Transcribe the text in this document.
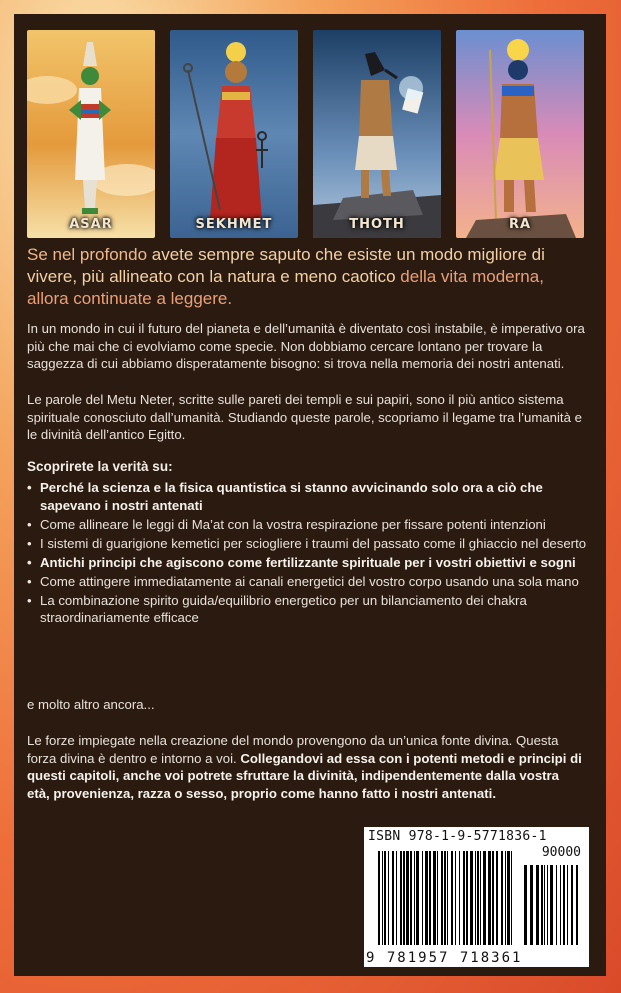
ASAR	SEKHMET	THOTH	RA
Se nel profondo avete sempre saputo che esiste un modo migliore di vivere, più allineato con la natura e meno caotico della vita moderna, allora continuate a leggere.
In un mondo in cui il futuro del pianeta e dell’umanità è diventato così instabile, è imperativo ora più che mai che ci evolviamo come specie. Non dobbiamo cercare lontano per trovare la saggezza di cui abbiamo disperatamente bisogno: si trova nella memoria dei nostri antenati.
Le parole del Metu Neter, scritte sulle pareti dei templi e sui papiri, sono il più antico sistema spirituale conosciuto dall’umanità. Studiando queste parole, scopriamo il legame tra l’umanità e le divinità dell’antico Egitto.
Scoprirete la verità su:
• Perché la scienza e la fisica quantistica si stanno avvicinando solo ora a ciò che sapevano i nostri antenati
• Come allineare le leggi di Ma’at con la vostra respirazione per fissare potenti intenzioni
• I sistemi di guarigione kemetici per sciogliere i traumi del passato come il ghiaccio nel deserto
• Antichi principi che agiscono come fertilizzante spirituale per i vostri obiettivi e sogni
• Come attingere immediatamente ai canali energetici del vostro corpo usando una sola mano
• La combinazione spirito guida/equilibrio energetico per un bilanciamento dei chakra straordinariamente efficace
e molto altro ancora...
Le forze impiegate nella creazione del mondo provengono da un’unica fonte divina. Questa forza divina è dentro e intorno a voi. Collegandovi ad essa con i potenti metodi e principi di questi capitoli, anche voi potrete sfruttare la divinità, indipendentemente dalla vostra età, provenienza, razza o sesso, proprio come hanno fatto i nostri antenati.
ISBN 978-1-9-5771836-1
90000
9 781957 718361
